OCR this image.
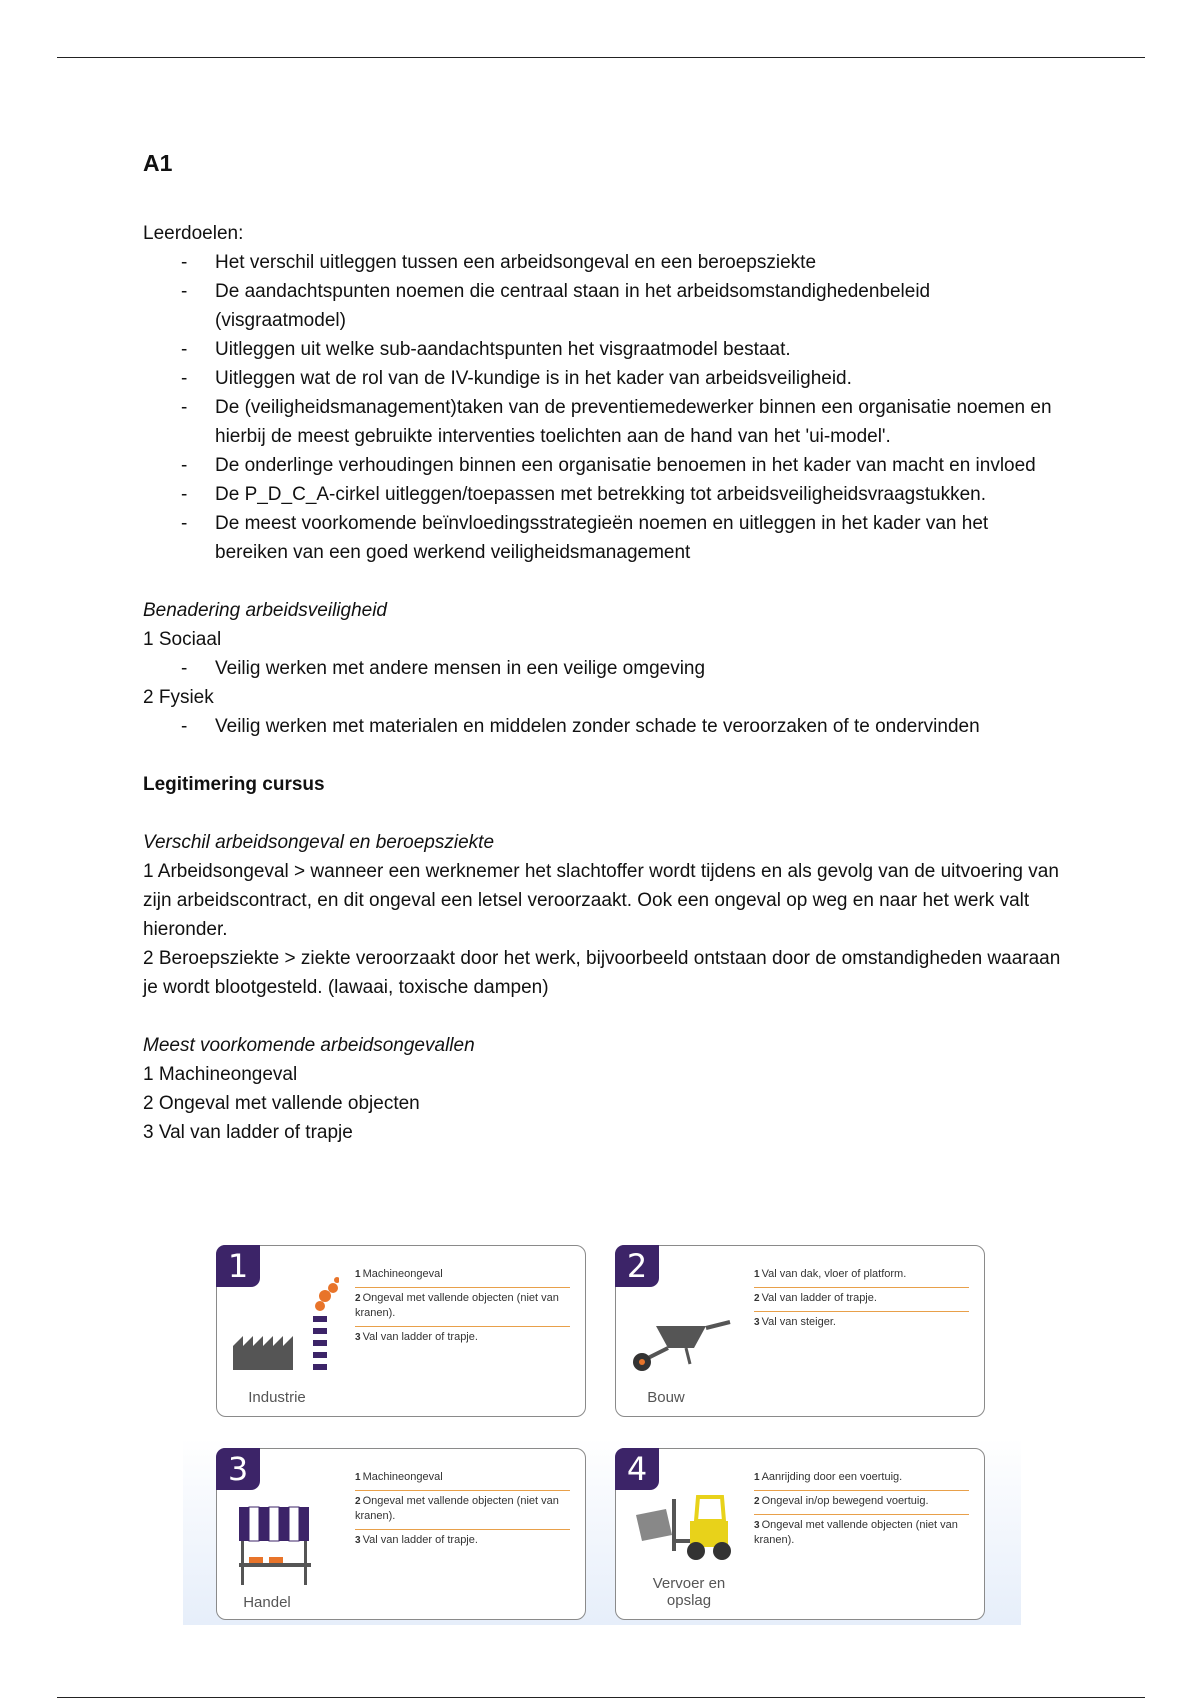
A1

Leerdoelen:

- Het verschil uitleggen tussen een arbeidsongeval en een beroepsziekte
- De aandachtspunten noemen die centraal staan in het arbeidsomstandighedenbeleid (visgraatmodel)
- Uitleggen uit welke sub-aandachtspunten het visgraatmodel bestaat.
- Uitleggen wat de rol van de IV-kundige is in het kader van arbeidsveiligheid.
- De (veiligheidsmanagement)taken van de preventiemedewerker binnen een organisatie noemen en hierbij de meest gebruikte interventies toelichten aan de hand van het 'ui-model'.
- De onderlinge verhoudingen binnen een organisatie benoemen in het kader van macht en invloed
- De P_D_C_A-cirkel uitleggen/toepassen met betrekking tot arbeidsveiligheidsvraagstukken.
- De meest voorkomende beïnvloedingsstrategieën noemen en uitleggen in het kader van het bereiken van een goed werkend veiligheidsmanagement

Benadering arbeidsveiligheid

1 Sociaal

- Veilig werken met andere mensen in een veilige omgeving

2 Fysiek

- Veilig werken met materialen en middelen zonder schade te veroorzaken of te ondervinden

Legitimering cursus

Verschil arbeidsongeval en beroepsziekte

1 Arbeidsongeval > wanneer een werknemer het slachtoffer wordt tijdens en als gevolg van de uitvoering van zijn arbeidscontract, en dit ongeval een letsel veroorzaakt. Ook een ongeval op weg en naar het werk valt hieronder.

2 Beroepsziekte > ziekte veroorzaakt door het werk, bijvoorbeeld ontstaan door de omstandigheden waaraan je wordt blootgesteld. (lawaai, toxische dampen)

Meest voorkomende arbeidsongevallen

1 Machineongeval

2 Ongeval met vallende objecten

3 Val van ladder of trapje

1
Industrie
1 Machineongeval
2 Ongeval met vallende objecten (niet van kranen).
3 Val van ladder of trapje.
2
Bouw
1 Val van dak, vloer of platform.
2 Val van ladder of trapje.
3 Val van steiger.
3
Handel
1 Machineongeval
2 Ongeval met vallende objecten (niet van kranen).
3 Val van ladder of trapje.
4
Vervoer en opslag
1 Aanrijding door een voertuig.
2 Ongeval in/op bewegend voertuig.
3 Ongeval met vallende objecten (niet van kranen).
